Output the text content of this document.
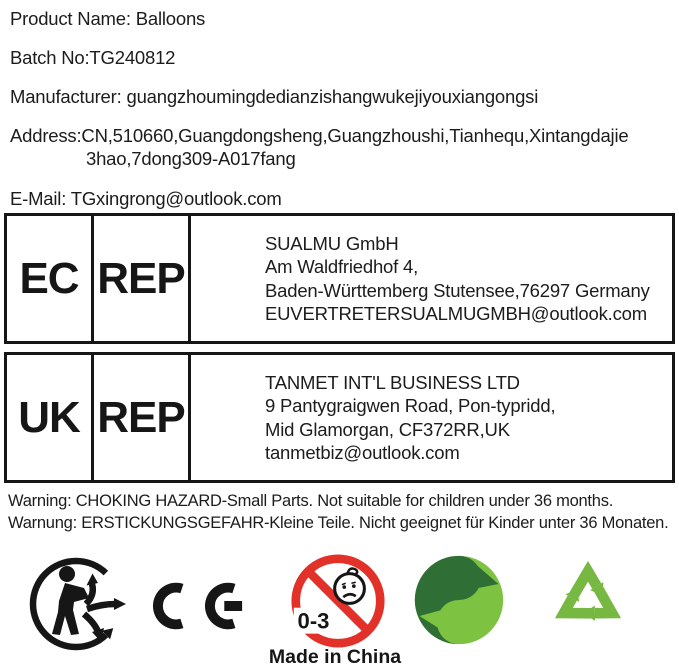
Product Name: Balloons
Batch No:TG240812
Manufacturer: guangzhoumingdedianzishangwukejiyouxiangongsi
Address:CN,510660,Guangdongsheng,Guangzhoushi,Tianhequ,Xintangdajie
3hao,7dong309-A017fang
E-Mail: TGxingrong@outlook.com
EC REP
SUALMU GmbH
Am Waldfriedhof 4,
Baden-Württemberg Stutensee,76297 Germany
EUVERTRETERSUALMUGMBH@outlook.com
UK REP
TANMET INT'L BUSINESS LTD
9 Pantygraigwen Road, Pon-typridd,
Mid Glamorgan, CF372RR,UK
tanmetbiz@outlook.com
Warning: CHOKING HAZARD-Small Parts. Not suitable for children under 36 months.
Warnung: ERSTICKUNGSGEFAHR-Kleine Teile. Nicht geeignet für Kinder unter 36 Monaten.
0-3
Made in China
